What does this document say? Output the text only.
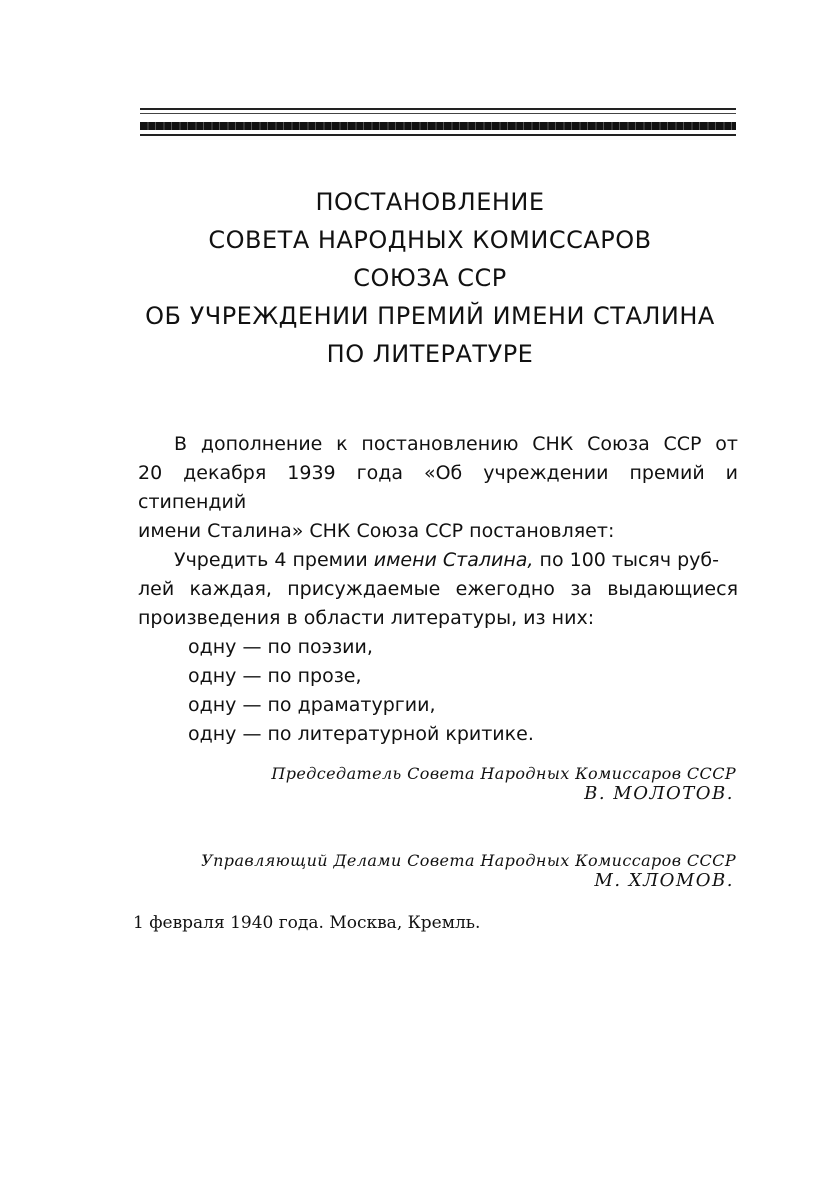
ПОСТАНОВЛЕНИЕ
СОВЕТА НАРОДНЫХ КОМИССАРОВ
СОЮЗА ССР
ОБ УЧРЕЖДЕНИИ ПРЕМИЙ ИМЕНИ СТАЛИНА
ПО ЛИТЕРАТУРЕ
В дополнение к постановлению СНК Союза ССР от
20 декабря 1939 года «Об учреждении премий и стипендий
имени Сталина» СНК Союза ССР постановляет:
Учредить 4 премии имени Сталина, по 100 тысяч руб-
лей каждая, присуждаемые ежегодно за выдающиеся
произведения в области литературы, из них:
одну — по поэзии,
одну — по прозе,
одну — по драматургии,
одну — по литературной критике.
Председатель Совета Народных Комиссаров СССР
В. МОЛОТОВ.
Управляющий Делами Совета Народных Комиссаров СССР
М. ХЛОМОВ.
1 февраля 1940 года. Москва, Кремль.
